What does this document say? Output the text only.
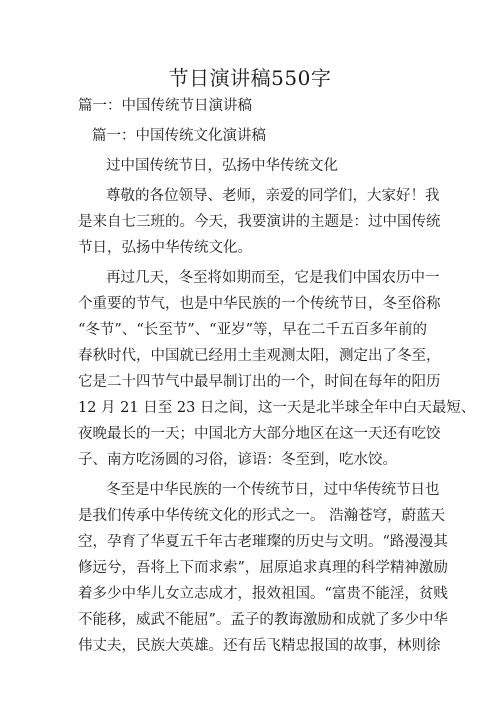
节日演讲稿550字

篇一：中国传统节日演讲稿

篇一：中国传统文化演讲稿

过中国传统节日，弘扬中华传统文化

尊敬的各位领导、老师，亲爱的同学们，大家好！我

是来自七三班的。今天，我要演讲的主题是：过中国传统

节日，弘扬中华传统文化。

再过几天，冬至将如期而至，它是我们中国农历中一

个重要的节气，也是中华民族的一个传统节日，冬至俗称

“冬节”、“长至节”、“亚岁”等，早在二千五百多年前的

春秋时代，中国就已经用土圭观测太阳，测定出了冬至，

它是二十四节气中最早制订出的一个，时间在每年的阳历

12 月 21 日至 23 日之间，这一天是北半球全年中白天最短、

夜晚最长的一天；中国北方大部分地区在这一天还有吃饺

子、南方吃汤圆的习俗，谚语：冬至到，吃水饺。

冬至是中华民族的一个传统节日，过中华传统节日也

是我们传承中华传统文化的形式之一。 浩瀚苍穹，蔚蓝天

空，孕育了华夏五千年古老璀璨的历史与文明。“路漫漫其

修远兮，吾将上下而求索”，屈原追求真理的科学精神激励

着多少中华儿女立志成才，报效祖国。“富贵不能淫，贫贱

不能移，威武不能屈”。孟子的教诲激励和成就了多少中华

伟丈夫，民族大英雄。还有岳飞精忠报国的故事，林则徐
